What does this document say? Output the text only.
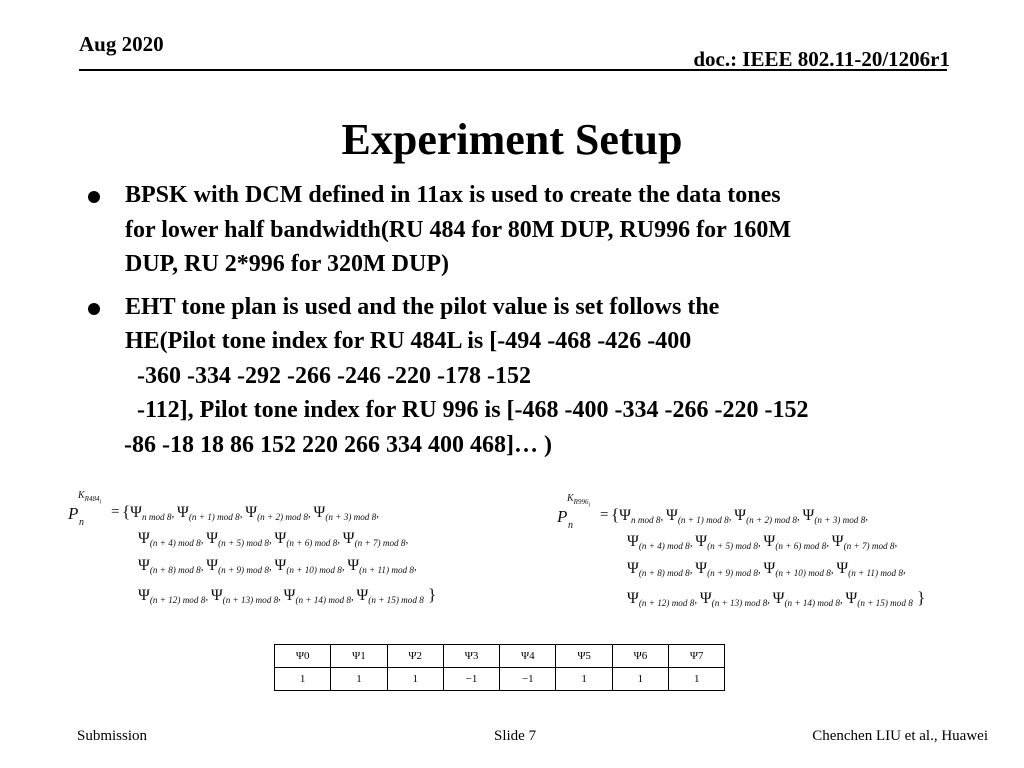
Aug 2020
doc.: IEEE 802.11-20/1206r1
Experiment Setup
BPSK with DCM defined in 11ax is used to create the data tones
for lower half bandwidth(RU 484 for 80M DUP, RU996 for 160M
DUP, RU 2*996 for 320M DUP)
EHT tone plan is used and the pilot value is set follows the
HE(Pilot tone index for RU 484L is [-494 -468 -426 -400
-360 -334 -292 -266 -246 -220 -178 -152
-112], Pilot tone index for RU 996 is [-468 -400 -334 -266 -220 -152
-86 -18 18 86 152 220 266 334 400 468]… )
P n
$K_{R484_i}$
= {$\Psi_{n mod 8}$, $\Psi_{(n + 1) mod 8}$, $\Psi_{(n + 2) mod 8}$, $\Psi_{(n + 3) mod 8}$,
$\Psi_{(n + 4) mod 8}$, $\Psi_{(n + 5) mod 8}$, $\Psi_{(n + 6) mod 8}$, $\Psi_{(n + 7) mod 8}$,
$\Psi_{(n + 8) mod 8}$, $\Psi_{(n + 9) mod 8}$, $\Psi_{(n + 10) mod 8}$, $\Psi_{(n + 11) mod 8}$,
$\Psi_{(n + 12) mod 8}$, $\Psi_{(n + 13) mod 8}$, $\Psi_{(n + 14) mod 8}$, $\Psi_{(n + 15) mod 8}$ }
P n
$K_{R996_i}$
= {$\Psi_{n mod 8}$, $\Psi_{(n + 1) mod 8}$, $\Psi_{(n + 2) mod 8}$, $\Psi_{(n + 3) mod 8}$,
$\Psi_{(n + 4) mod 8}$, $\Psi_{(n + 5) mod 8}$, $\Psi_{(n + 6) mod 8}$, $\Psi_{(n + 7) mod 8}$,
$\Psi_{(n + 8) mod 8}$, $\Psi_{(n + 9) mod 8}$, $\Psi_{(n + 10) mod 8}$, $\Psi_{(n + 11) mod 8}$,
$\Psi_{(n + 12) mod 8}$, $\Psi_{(n + 13) mod 8}$, $\Psi_{(n + 14) mod 8}$, $\Psi_{(n + 15) mod 8}$ }
Ψ0	Ψ1	Ψ2	Ψ3	Ψ4	Ψ5	Ψ6	Ψ7
1	1	1	−1	−1	1	1	1
Submission	Slide 7	Chenchen LIU et al., Huawei
